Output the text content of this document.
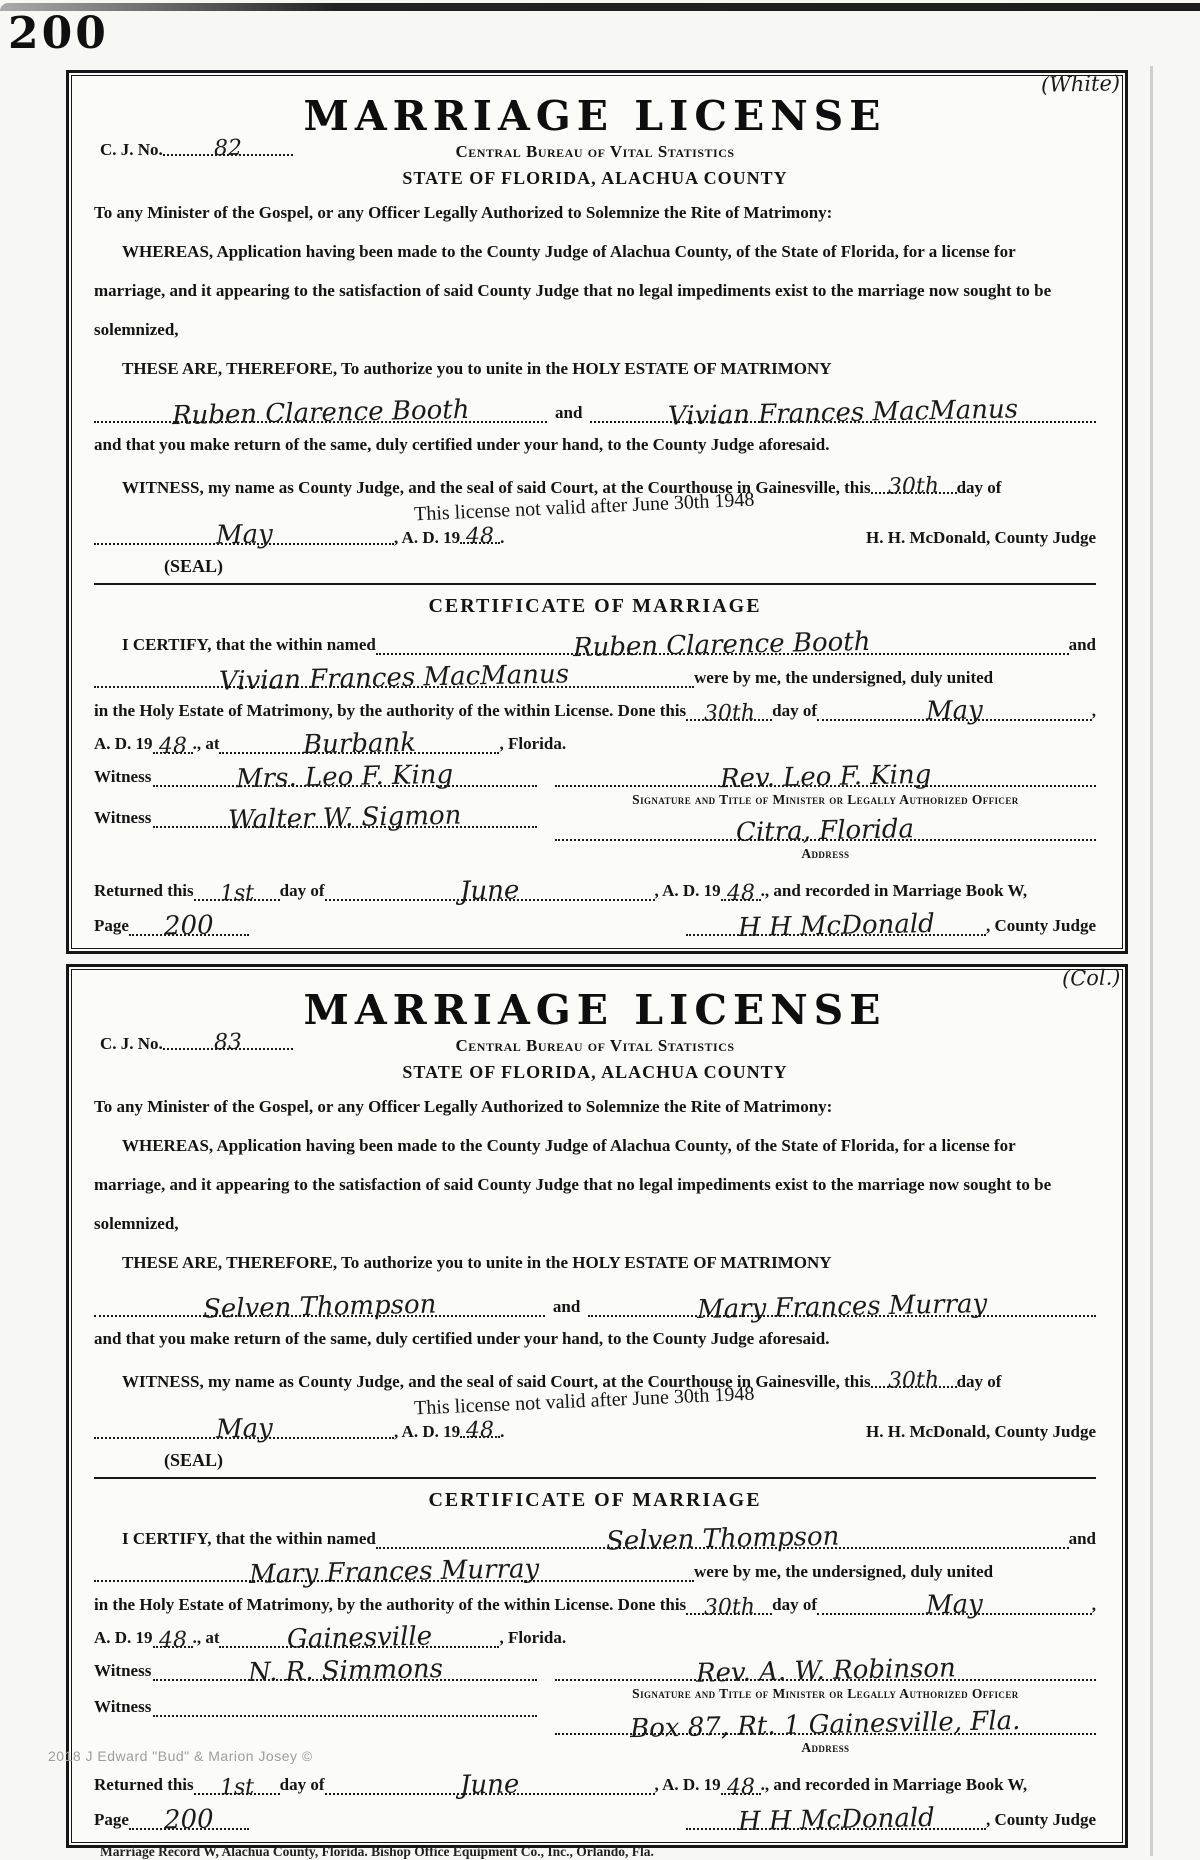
200
(White)
C. J. No. 82
MARRIAGE LICENSE
Central Bureau of Vital Statistics
STATE OF FLORIDA, ALACHUA COUNTY

To any Minister of the Gospel, or any Officer Legally Authorized to Solemnize the Rite of Matrimony:

WHEREAS, Application having been made to the County Judge of Alachua County, of the State of Florida, for a license for

marriage, and it appearing to the satisfaction of said County Judge that no legal impediments exist to the marriage now sought to be

solemnized,

THESE ARE, THEREFORE, To authorize you to unite in the HOLY ESTATE OF MATRIMONY

Ruben Clarence Booth	and	Vivian Frances MacManus

and that you make return of the same, duly certified under your hand, to the County Judge aforesaid.

WITNESS, my name as County Judge, and the seal of said Court, at the Courthouse in Gainesville, this 30th day of
This license not valid after June 30th 1948
May	, A. D. 19 48 .	H. H. McDonald, County Judge
(SEAL)
CERTIFICATE OF MARRIAGE
I CERTIFY, that the within named	Ruben Clarence Booth	and
Vivian Frances MacManus	were by me, the undersigned, duly united
in the Holy Estate of Matrimony, by the authority of the within License. Done this 30th day of	May	,
A. D. 19 48 ., at	Burbank	, Florida.
Witness	Mrs. Leo F. King
Witness	Walter W. Sigmon
Rev. Leo F. King
Signature and Title of Minister or Legally Authorized Officer
Citra, Florida
Address
Returned this 1st day of	June	, A. D. 19 48 ., and recorded in Marriage Book W,
Page 200	H H McDonald	, County Judge
(Col.)
C. J. No. 83
MARRIAGE LICENSE
Central Bureau of Vital Statistics
STATE OF FLORIDA, ALACHUA COUNTY

To any Minister of the Gospel, or any Officer Legally Authorized to Solemnize the Rite of Matrimony:

WHEREAS, Application having been made to the County Judge of Alachua County, of the State of Florida, for a license for

marriage, and it appearing to the satisfaction of said County Judge that no legal impediments exist to the marriage now sought to be

solemnized,

THESE ARE, THEREFORE, To authorize you to unite in the HOLY ESTATE OF MATRIMONY

Selven Thompson	and	Mary Frances Murray

and that you make return of the same, duly certified under your hand, to the County Judge aforesaid.

WITNESS, my name as County Judge, and the seal of said Court, at the Courthouse in Gainesville, this 30th day of
This license not valid after June 30th 1948
May	, A. D. 19 48 .	H. H. McDonald, County Judge
(SEAL)
CERTIFICATE OF MARRIAGE
I CERTIFY, that the within named	Selven Thompson	and
Mary Frances Murray	were by me, the undersigned, duly united
in the Holy Estate of Matrimony, by the authority of the within License. Done this 30th day of	May	,
A. D. 19 48 ., at	Gainesville	, Florida.
Witness	N. R. Simmons
Witness
Rev. A. W. Robinson
Signature and Title of Minister or Legally Authorized Officer
Box 87, Rt. 1 Gainesville, Fla.
Address
Returned this 1st day of	June	, A. D. 19 48 ., and recorded in Marriage Book W,
Page 200	H H McDonald	, County Judge
2018 J Edward "Bud" & Marion Josey ©
Marriage Record W, Alachua County, Florida. Bishop Office Equipment Co., Inc., Orlando, Fla.
